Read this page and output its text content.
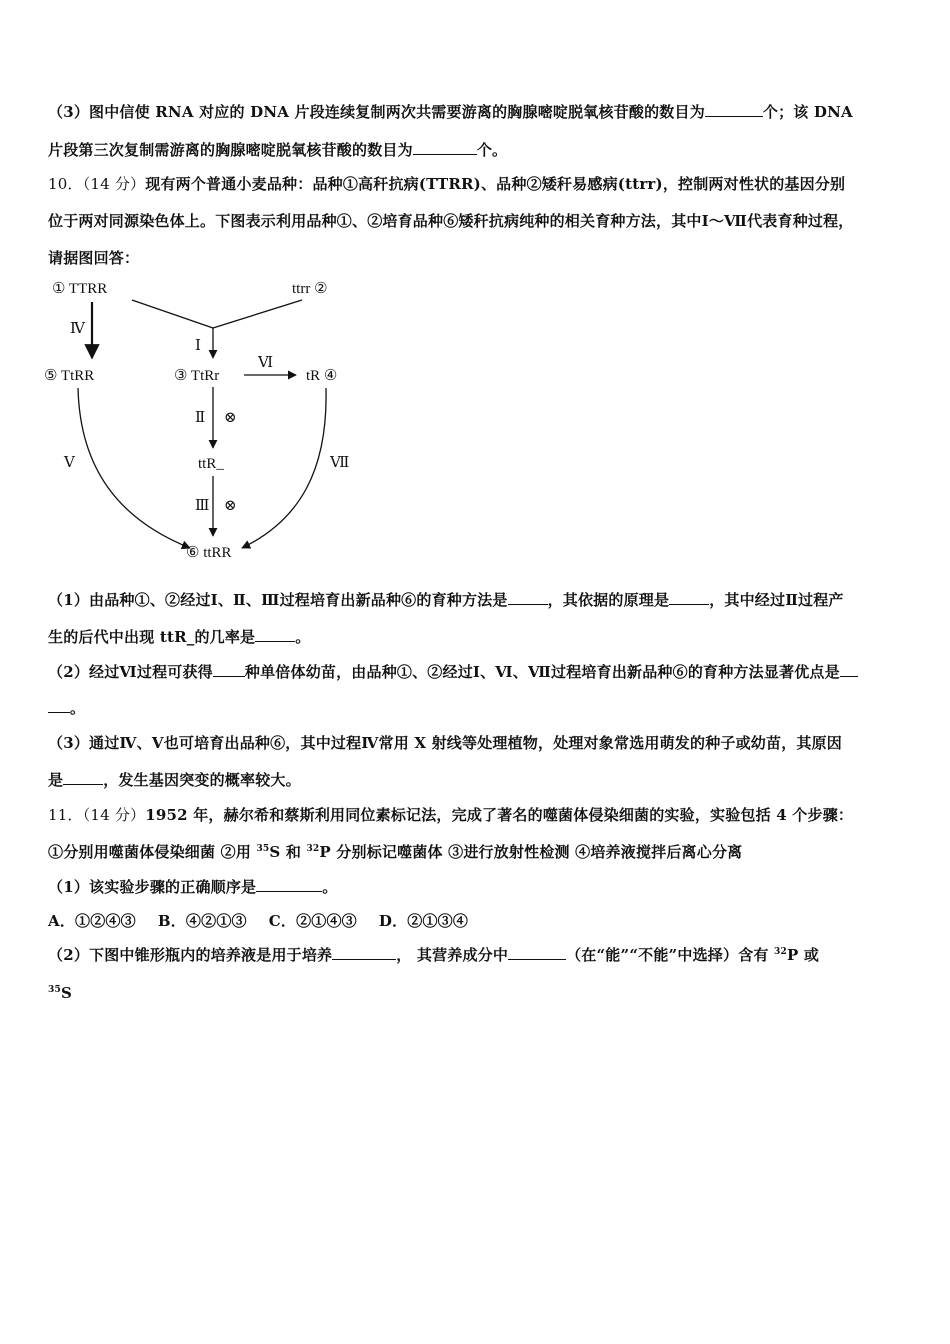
（3）图中信使 RNA 对应的 DNA 片段连续复制两次共需要游离的胸腺嘧啶脱氧核苷酸的数目为	个；该 DNA
片段第三次复制需游离的胸腺嘧啶脱氧核苷酸的数目为	个。
10．（14 分）现有两个普通小麦品种：品种①高秆抗病(TTRR)、品种②矮秆易感病(ttrr)，控制两对性状的基因分别
位于两对同源染色体上。下图表示利用品种①、②培育品种⑥矮秆抗病纯种的相关育种方法，其中Ⅰ～Ⅶ代表育种过程，
请据图回答：
① TTRR	ttrr ②
Ⅰ
Ⅳ
⑤ TtRR	③ TtRr	tR ④
Ⅵ
Ⅱ ⊗
ttR_
Ⅲ ⊗
Ⅴ	Ⅶ
⑥ ttRR
（1）由品种①、②经过Ⅰ、Ⅱ、Ⅲ过程培育出新品种⑥的育种方法是	，其依据的原理是	，其中经过Ⅱ过程产
生的后代中出现 ttR_的几率是	。
（2）经过Ⅵ过程可获得 种单倍体幼苗，由品种①、②经过Ⅰ、Ⅵ、Ⅶ过程培育出新品种⑥的育种方法显著优点是
。
（3）通过Ⅳ、Ⅴ也可培育出品种⑥，其中过程Ⅳ常用 X 射线等处理植物，处理对象常选用萌发的种子或幼苗，其原因
是	，发生基因突变的概率较大。
11．（14 分）1952 年，赫尔希和蔡斯利用同位素标记法，完成了著名的噬菌体侵染细菌的实验，实验包括 4 个步骤：
①分别用噬菌体侵染细菌 ②用 $^{35}$S 和 $^{32}$P 分别标记噬菌体 ③进行放射性检测 ④培养液搅拌后离心分离
（1）该实验步骤的正确顺序是	。
A．①②④③ B．④②①③ C．②①④③ D．②①③④
（2）下图中锥形瓶内的培养液是用于培养	， 其营养成分中	（在“能”“不能”中选择）含有 $^{32}$P 或
$^{35}$S
